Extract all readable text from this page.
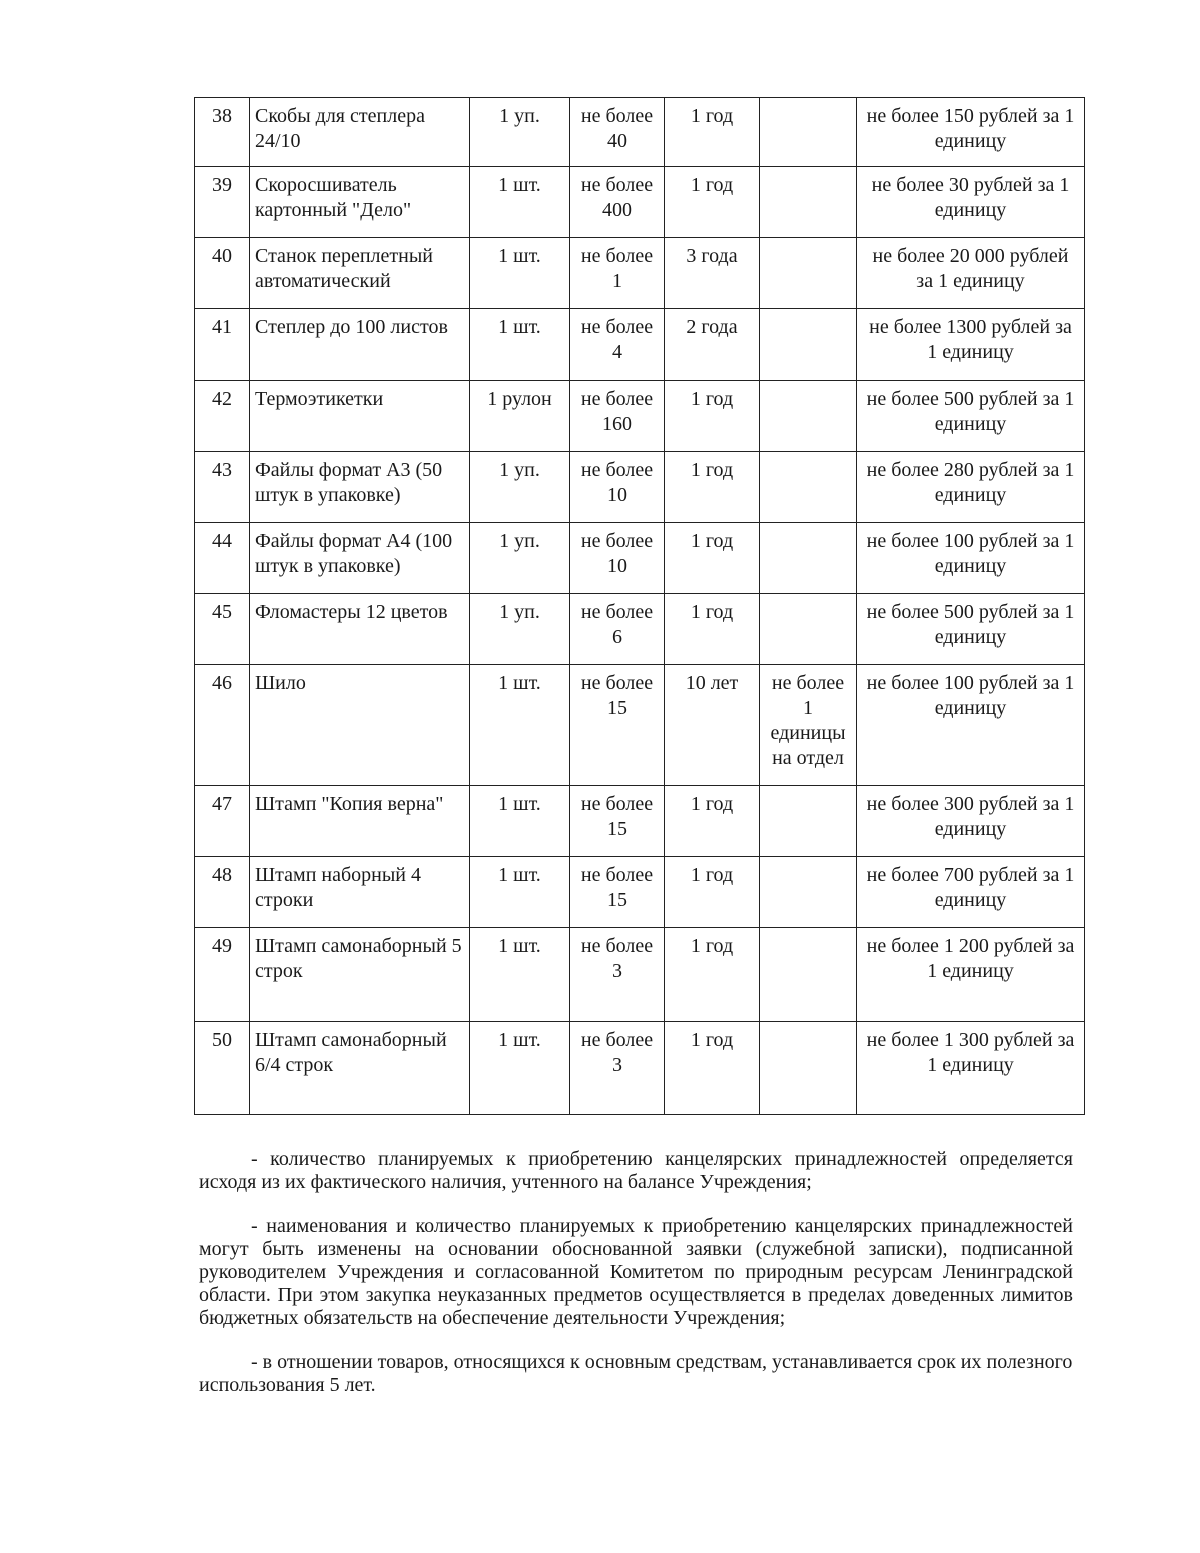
38	Скобы для степлера 24/10	1 уп.	не более 40	1 год		не более 150 рублей за 1 единицу
39	Скоросшиватель картонный "Дело"	1 шт.	не более 400	1 год		не более 30 рублей за 1 единицу
40	Станок переплетный автоматический	1 шт.	не более 1	3 года		не более 20 000 рублей за 1 единицу
41	Степлер до 100 листов	1 шт.	не более 4	2 года		не более 1300 рублей за 1 единицу
42	Термоэтикетки	1 рулон	не более 160	1 год		не более 500 рублей за 1 единицу
43	Файлы формат А3 (50 штук в упаковке)	1 уп.	не более 10	1 год		не более 280 рублей за 1 единицу
44	Файлы формат А4 (100 штук в упаковке)	1 уп.	не более 10	1 год		не более 100 рублей за 1 единицу
45	Фломастеры 12 цветов	1 уп.	не более 6	1 год		не более 500 рублей за 1 единицу
46	Шило	1 шт.	не более 15	10 лет	не более 1 единицы на отдел	не более 100 рублей за 1 единицу
47	Штамп "Копия верна"	1 шт.	не более 15	1 год		не более 300 рублей за 1 единицу
48	Штамп наборный 4 строки	1 шт.	не более 15	1 год		не более 700 рублей за 1 единицу
49	Штамп самонаборный 5 строк	1 шт.	не более 3	1 год		не более 1 200 рублей за 1 единицу
50	Штамп самонаборный 6/4 строк	1 шт.	не более 3	1 год		не более 1 300 рублей за 1 единицу

- количество планируемых к приобретению канцелярских принадлежностей определяется исходя из их фактического наличия, учтенного на балансе Учреждения;

- наименования и количество планируемых к приобретению канцелярских принадлежностей могут быть изменены на основании обоснованной заявки (служебной записки), подписанной руководителем Учреждения и согласованной Комитетом по природным ресурсам Ленинградской области. При этом закупка неуказанных предметов осуществляется в пределах доведенных лимитов бюджетных обязательств на обеспечение деятельности Учреждения;

- в отношении товаров, относящихся к основным средствам, устанавливается срок их полезного использования 5 лет.
